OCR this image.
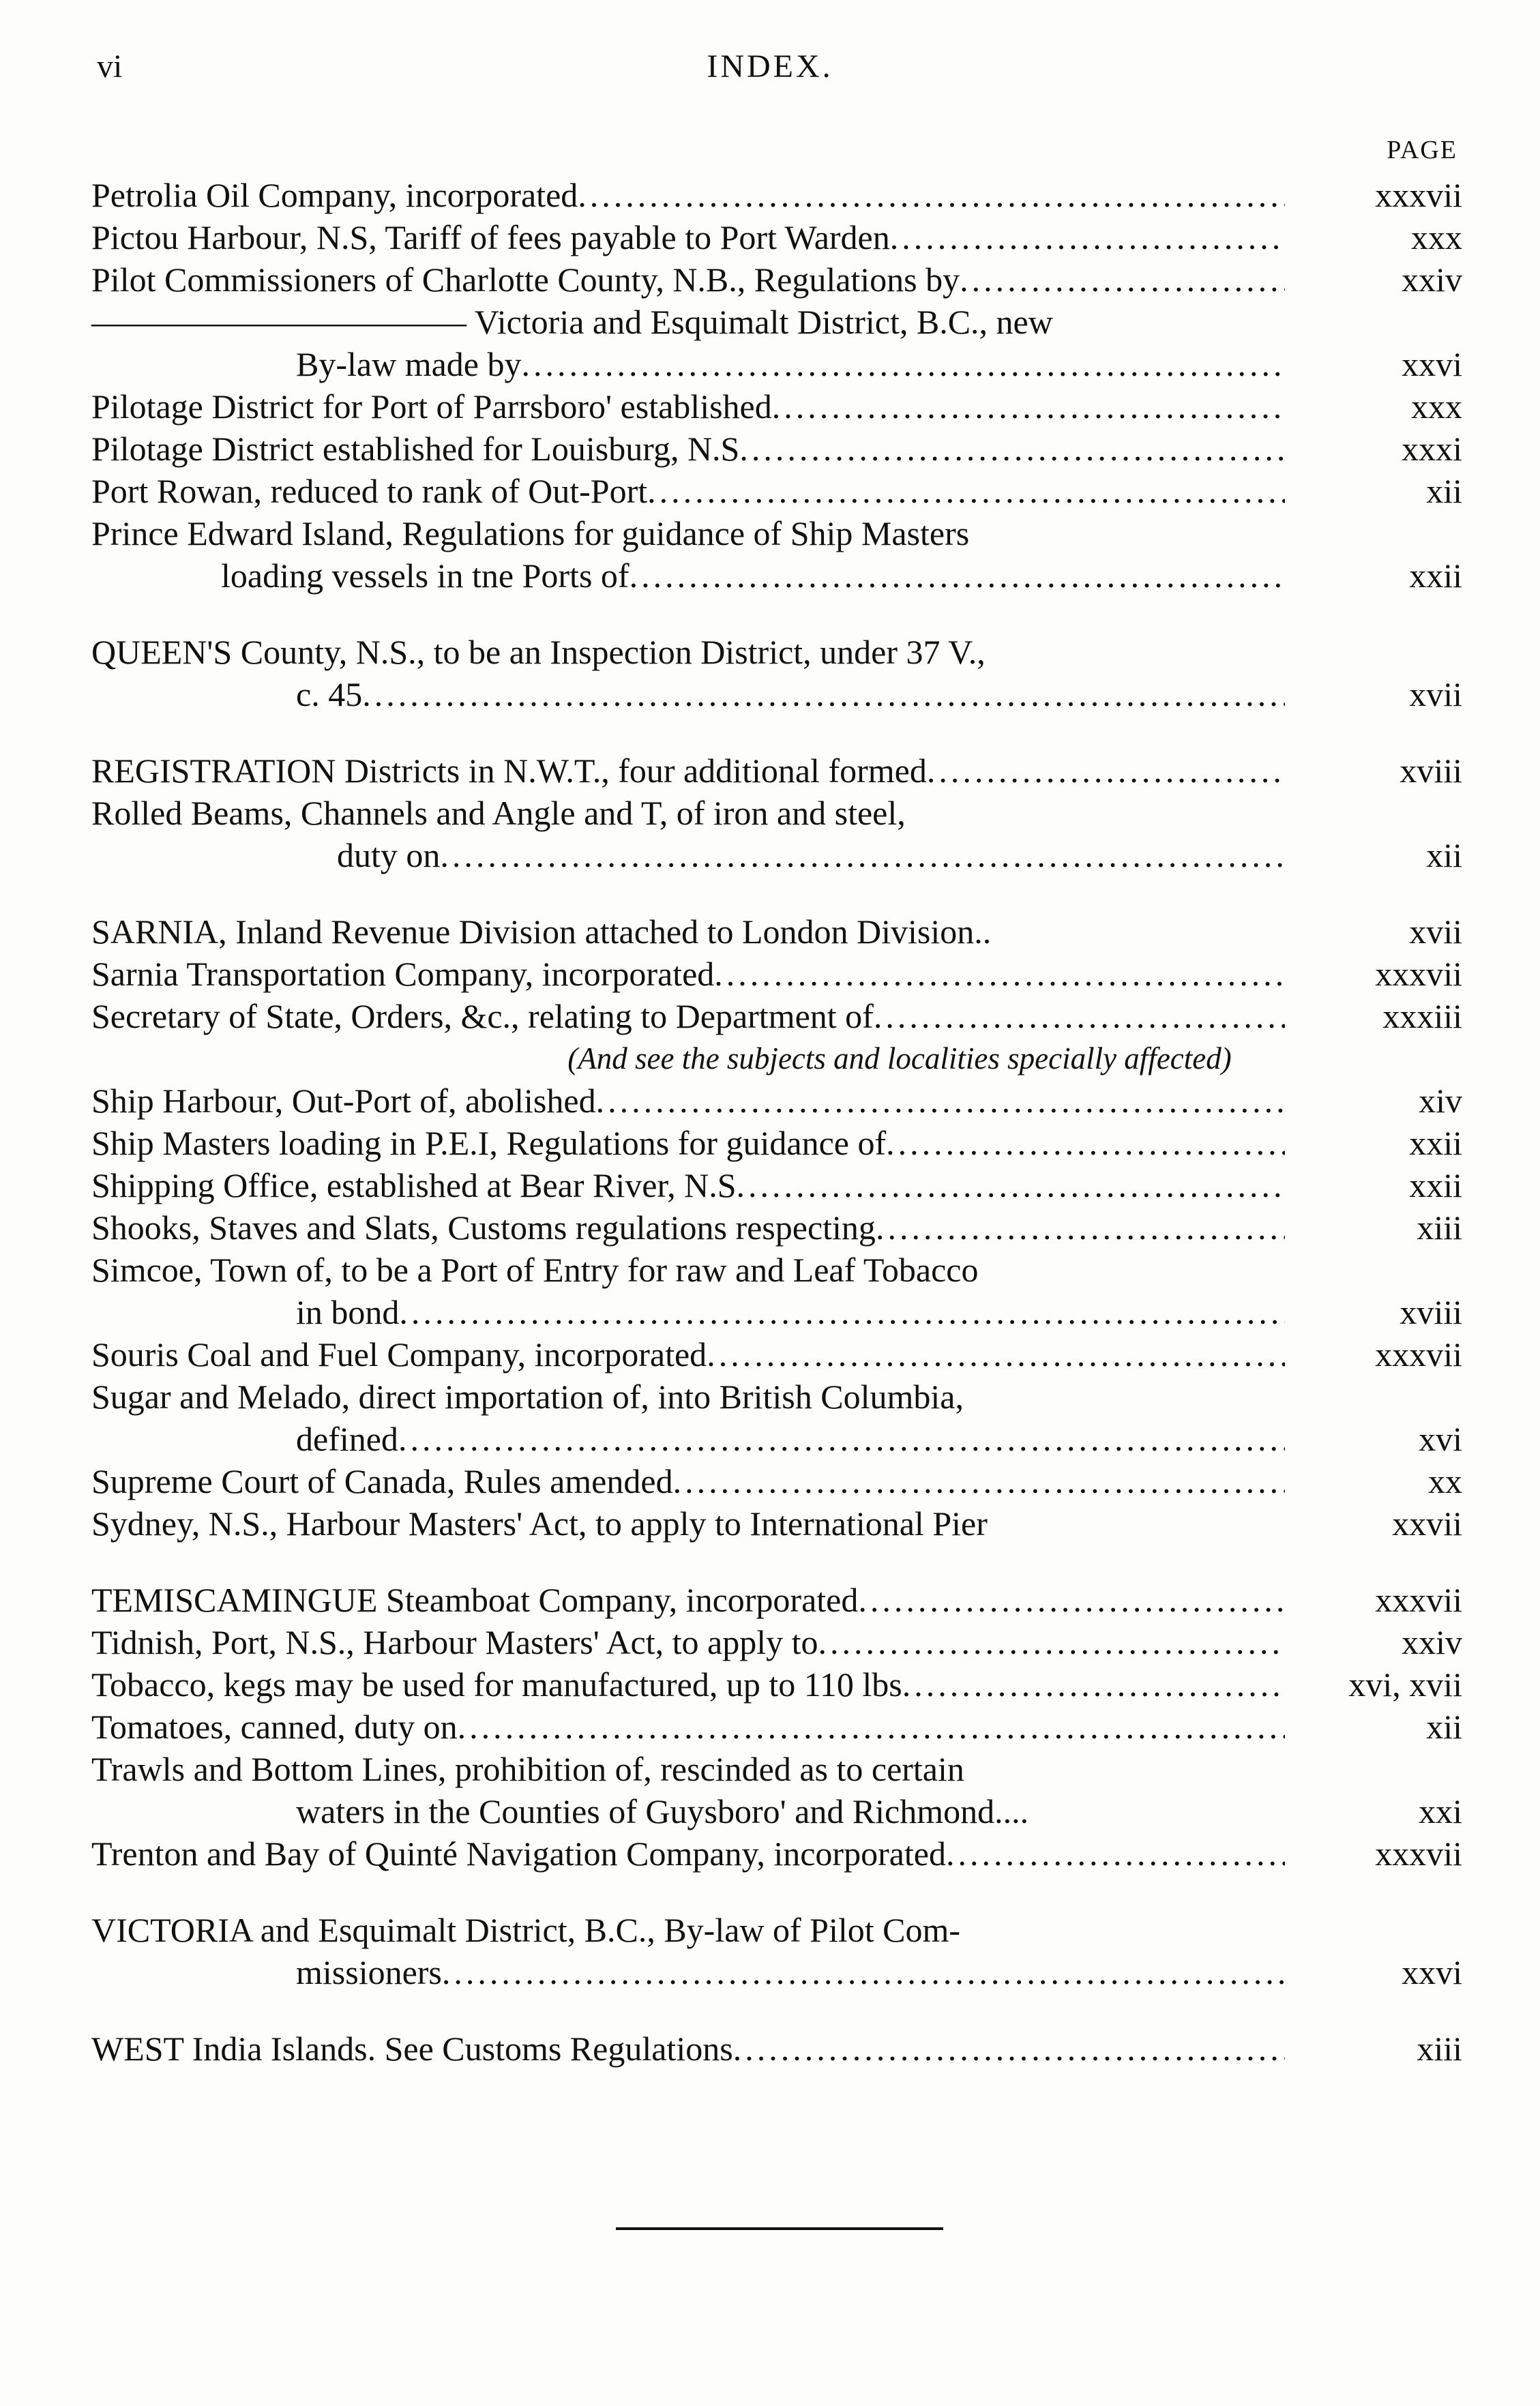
vi	INDEX.
PAGE
Petrolia Oil Company, incorporated .....	xxxvii
Pictou Harbour, N.S, Tariff of fees payable to Port Warden .....	xxx
Pilot Commissioners of Charlotte County, N.B., Regulations by .....	xxiv
——————————— Victoria and Esquimalt District, B.C., new
By-law made by .....	xxvi
Pilotage District for Port of Parrsboro' established .....	xxx
Pilotage District established for Louisburg, N.S .....	xxxi
Port Rowan, reduced to rank of Out-Port .....	xii
Prince Edward Island, Regulations for guidance of Ship Masters
loading vessels in tne Ports of .....	xxii
QUEEN'S County, N.S., to be an Inspection District, under 37 V.,
c. 45 .....	xvii
REGISTRATION Districts in N.W.T., four additional formed .....	xviii
Rolled Beams, Channels and Angle and T, of iron and steel,
duty on .....	xii
SARNIA, Inland Revenue Division attached to London Division..	xvii
Sarnia Transportation Company, incorporated .....	xxxvii
Secretary of State, Orders, &c., relating to Department of .....	xxxiii
(And see the subjects and localities specially affected)
Ship Harbour, Out-Port of, abolished .....	xiv
Ship Masters loading in P.E.I, Regulations for guidance of .....	xxii
Shipping Office, established at Bear River, N.S .....	xxii
Shooks, Staves and Slats, Customs regulations respecting .....	xiii
Simcoe, Town of, to be a Port of Entry for raw and Leaf Tobacco
in bond .....	xviii
Souris Coal and Fuel Company, incorporated .....	xxxvii
Sugar and Melado, direct importation of, into British Columbia,
defined .....	xvi
Supreme Court of Canada, Rules amended .....	xx
Sydney, N.S., Harbour Masters' Act, to apply to International Pier	xxvii
TEMISCAMINGUE Steamboat Company, incorporated .....	xxxvii
Tidnish, Port, N.S., Harbour Masters' Act, to apply to .....	xxiv
Tobacco, kegs may be used for manufactured, up to 110 lbs .....	xvi, xvii
Tomatoes, canned, duty on .....	xii
Trawls and Bottom Lines, prohibition of, rescinded as to certain
waters in the Counties of Guysboro' and Richmond....	xxi
Trenton and Bay of Quinté Navigation Company, incorporated .....	xxxvii
VICTORIA and Esquimalt District, B.C., By-law of Pilot Com-
missioners .....	xxvi
WEST India Islands. See Customs Regulations .....	xiii
